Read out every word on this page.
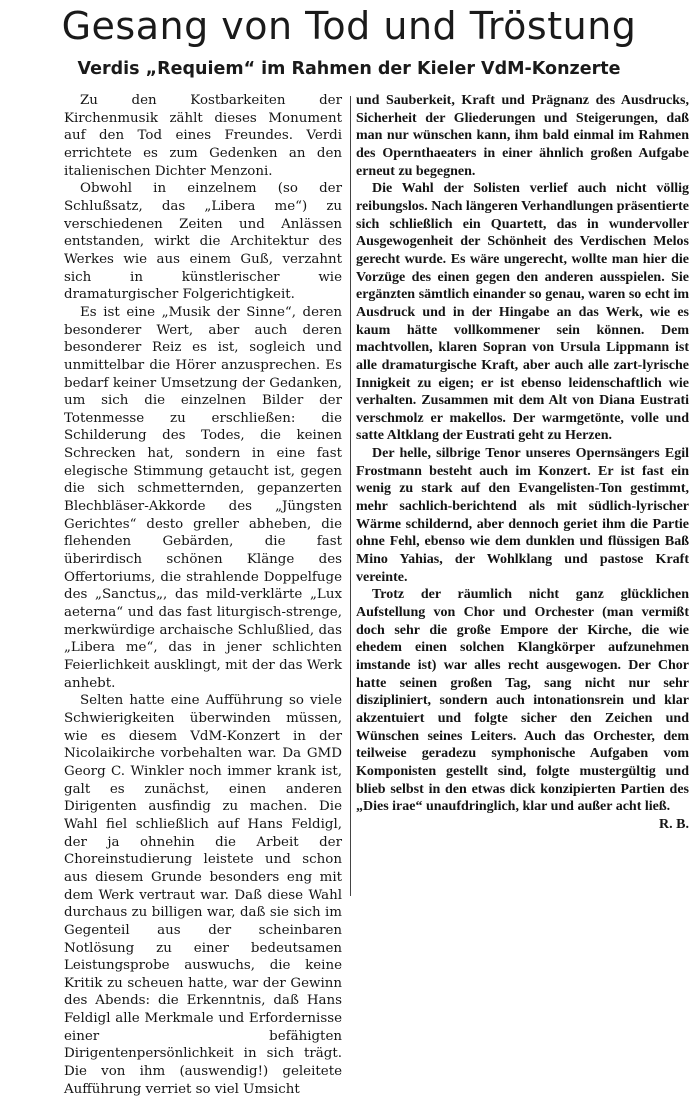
Gesang von Tod und Tröstung
Verdis „Requiem“ im Rahmen der Kieler VdM-Konzerte

Zu den Kostbarkeiten der Kirchenmusik zählt dieses Monument auf den Tod eines Freundes. Verdi errichtete es zum Gedenken an den italienischen Dichter Menzoni.

Obwohl in einzelnem (so der Schlußsatz, das „Libera me“) zu verschiedenen Zeiten und Anlässen entstanden, wirkt die Architektur des Werkes wie aus einem Guß, verzahnt sich in künstlerischer wie dramaturgischer Folgerichtigkeit.

Es ist eine „Musik der Sinne“, deren besonderer Wert, aber auch deren besonderer Reiz es ist, sogleich und unmittelbar die Hörer anzusprechen. Es bedarf keiner Umsetzung der Gedanken, um sich die einzelnen Bilder der Totenmesse zu erschließen: die Schilderung des Todes, die keinen Schrecken hat, sondern in eine fast elegische Stimmung getaucht ist, gegen die sich schmetternden, gepanzerten Blechbläser-Akkorde des „Jüngsten Gerichtes“ desto greller abheben, die flehenden Gebärden, die fast überirdisch schönen Klänge des Offertoriums, die strahlende Doppelfuge des „Sanctus„, das mild-verklärte „Lux aeterna“ und das fast liturgisch-strenge, merkwürdige archaische Schlußlied, das „Libera me“, das in jener schlichten Feierlichkeit ausklingt, mit der das Werk anhebt.

Selten hatte eine Aufführung so viele Schwierigkeiten überwinden müssen, wie es diesem VdM-Konzert in der Nicolaikirche vorbehalten war. Da GMD Georg C. Winkler noch immer krank ist, galt es zunächst, einen anderen Dirigenten ausfindig zu machen. Die Wahl fiel schließlich auf Hans Feldigl, der ja ohnehin die Arbeit der Choreinstudierung leistete und schon aus diesem Grunde besonders eng mit dem Werk vertraut war. Daß diese Wahl durchaus zu billigen war, daß sie sich im Gegenteil aus der scheinbaren Notlösung zu einer bedeutsamen Leistungsprobe auswuchs, die keine Kritik zu scheuen hatte, war der Gewinn des Abends: die Erkenntnis, daß Hans Feldigl alle Merkmale und Erfordernisse einer befähigten Dirigentenpersönlichkeit in sich trägt. Die von ihm (auswendig!) geleitete Aufführung verriet so viel Umsicht

und Sauberkeit, Kraft und Prägnanz des Ausdrucks, Sicherheit der Gliederungen und Steigerungen, daß man nur wünschen kann, ihm bald einmal im Rahmen des Opernthaeaters in einer ähnlich großen Aufgabe erneut zu begegnen.

Die Wahl der Solisten verlief auch nicht völlig reibungslos. Nach längeren Verhandlungen präsentierte sich schließlich ein Quartett, das in wundervoller Ausgewogenheit der Schönheit des Verdischen Melos gerecht wurde. Es wäre ungerecht, wollte man hier die Vorzüge des einen gegen den anderen ausspielen. Sie ergänzten sämtlich einander so genau, waren so echt im Ausdruck und in der Hingabe an das Werk, wie es kaum hätte vollkommener sein können. Dem machtvollen, klaren Sopran von Ursula Lippmann ist alle dramaturgische Kraft, aber auch alle zart-lyrische Innigkeit zu eigen; er ist ebenso leidenschaftlich wie verhalten. Zusammen mit dem Alt von Diana Eustrati verschmolz er makellos. Der warmgetönte, volle und satte Altklang der Eustrati geht zu Herzen.

Der helle, silbrige Tenor unseres Opernsängers Egil Frostmann besteht auch im Konzert. Er ist fast ein wenig zu stark auf den Evangelisten-Ton gestimmt, mehr sachlich-berichtend als mit südlich-lyrischer Wärme schildernd, aber dennoch geriet ihm die Partie ohne Fehl, ebenso wie dem dunklen und flüssigen Baß Mino Yahias, der Wohlklang und pastose Kraft vereinte.

Trotz der räumlich nicht ganz glücklichen Aufstellung von Chor und Orchester (man vermißt doch sehr die große Empore der Kirche, die wie ehedem einen solchen Klangkörper aufzunehmen imstande ist) war alles recht ausgewogen. Der Chor hatte seinen großen Tag, sang nicht nur sehr diszipliniert, sondern auch intonationsrein und klar akzentuiert und folgte sicher den Zeichen und Wünschen seines Leiters. Auch das Orchester, dem teilweise geradezu symphonische Aufgaben vom Komponisten gestellt sind, folgte mustergültig und blieb selbst in den etwas dick konzipierten Partien des „Dies irae“ unaufdringlich, klar und außer acht ließ.

R. B.
